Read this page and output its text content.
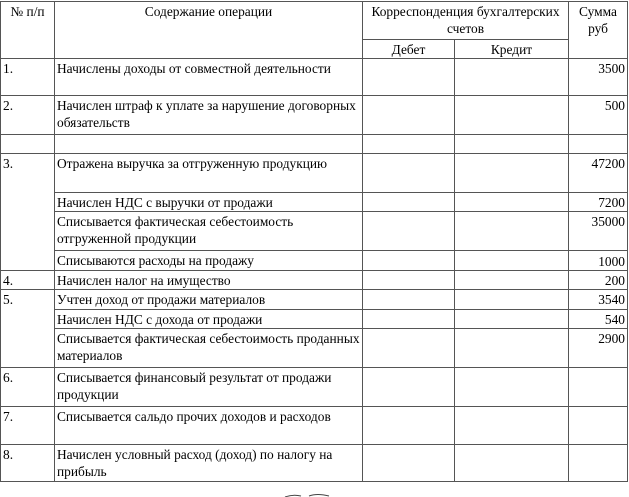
№ п/п	Содержание операции	Корреспонденция бухгалтерских счетов		Сумма руб
		Дебет	Кредит	
1.	Начислены доходы от совместной деятельности			3500
2.	Начислен штраф к уплате за нарушение договорных обязательств			500

3.	Отражена выручка за отгруженную продукцию			47200
	Начислен НДС с выручки от продажи			7200
	Списывается фактическая себестоимость отгруженной продукции			35000
	Списываются расходы на продажу			1000
4.	Начислен налог на имущество			200
5.	Учтен доход от продажи материалов			3540
	Начислен НДС с дохода от продажи			540
	Списывается фактическая себестоимость проданных материалов			2900
6.	Списывается финансовый результат от продажи продукции			
7.	Списывается сальдо прочих доходов и расходов			
8.	Начислен условный расход (доход) по налогу на прибыль			
